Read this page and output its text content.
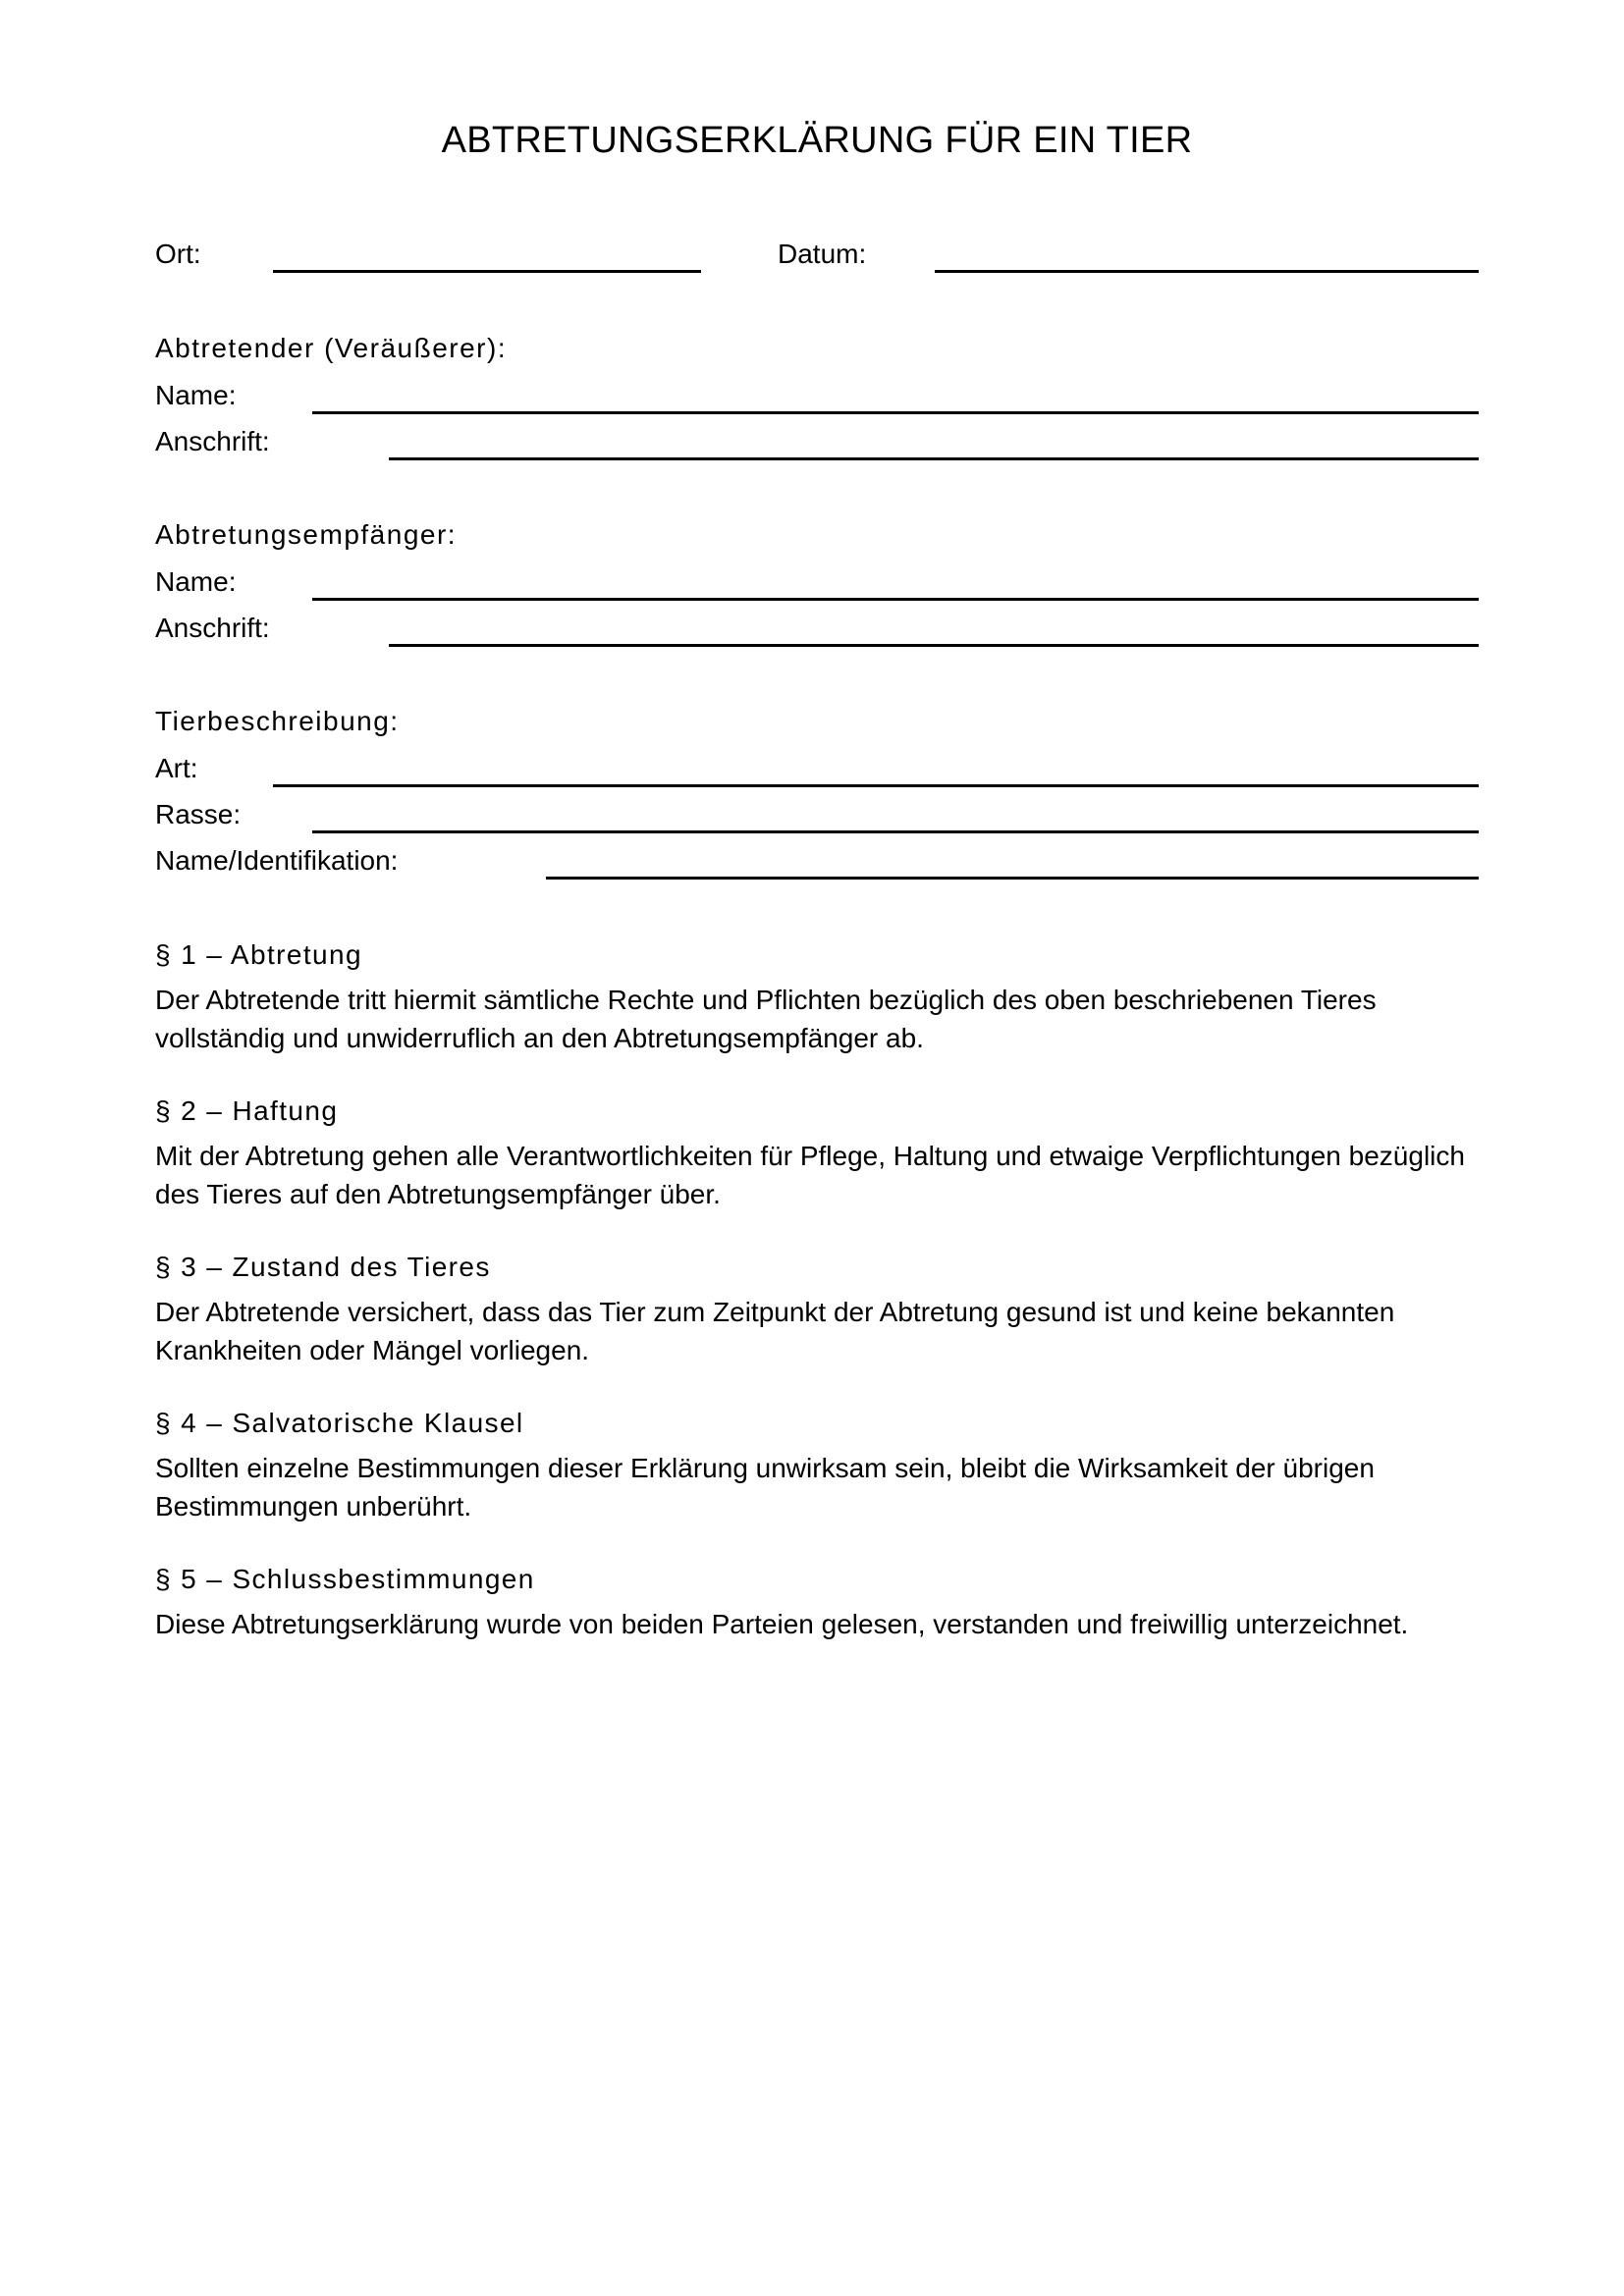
ABTRETUNGSERKLÄRUNG FÜR EIN TIER
Ort:	Datum:
Abtretender (Veräußerer):
Name:
Anschrift:
Abtretungsempfänger:
Name:
Anschrift:
Tierbeschreibung:
Art:
Rasse:
Name/Identifikation:
§ 1 – Abtretung
Der Abtretende tritt hiermit sämtliche Rechte und Pflichten bezüglich des oben beschriebenen Tieres vollständig und unwiderruflich an den Abtretungsempfänger ab.
§ 2 – Haftung
Mit der Abtretung gehen alle Verantwortlichkeiten für Pflege, Haltung und etwaige Verpflichtungen bezüglich des Tieres auf den Abtretungsempfänger über.
§ 3 – Zustand des Tieres
Der Abtretende versichert, dass das Tier zum Zeitpunkt der Abtretung gesund ist und keine bekannten Krankheiten oder Mängel vorliegen.
§ 4 – Salvatorische Klausel
Sollten einzelne Bestimmungen dieser Erklärung unwirksam sein, bleibt die Wirksamkeit der übrigen Bestimmungen unberührt.
§ 5 – Schlussbestimmungen
Diese Abtretungserklärung wurde von beiden Parteien gelesen, verstanden und freiwillig unterzeichnet.
